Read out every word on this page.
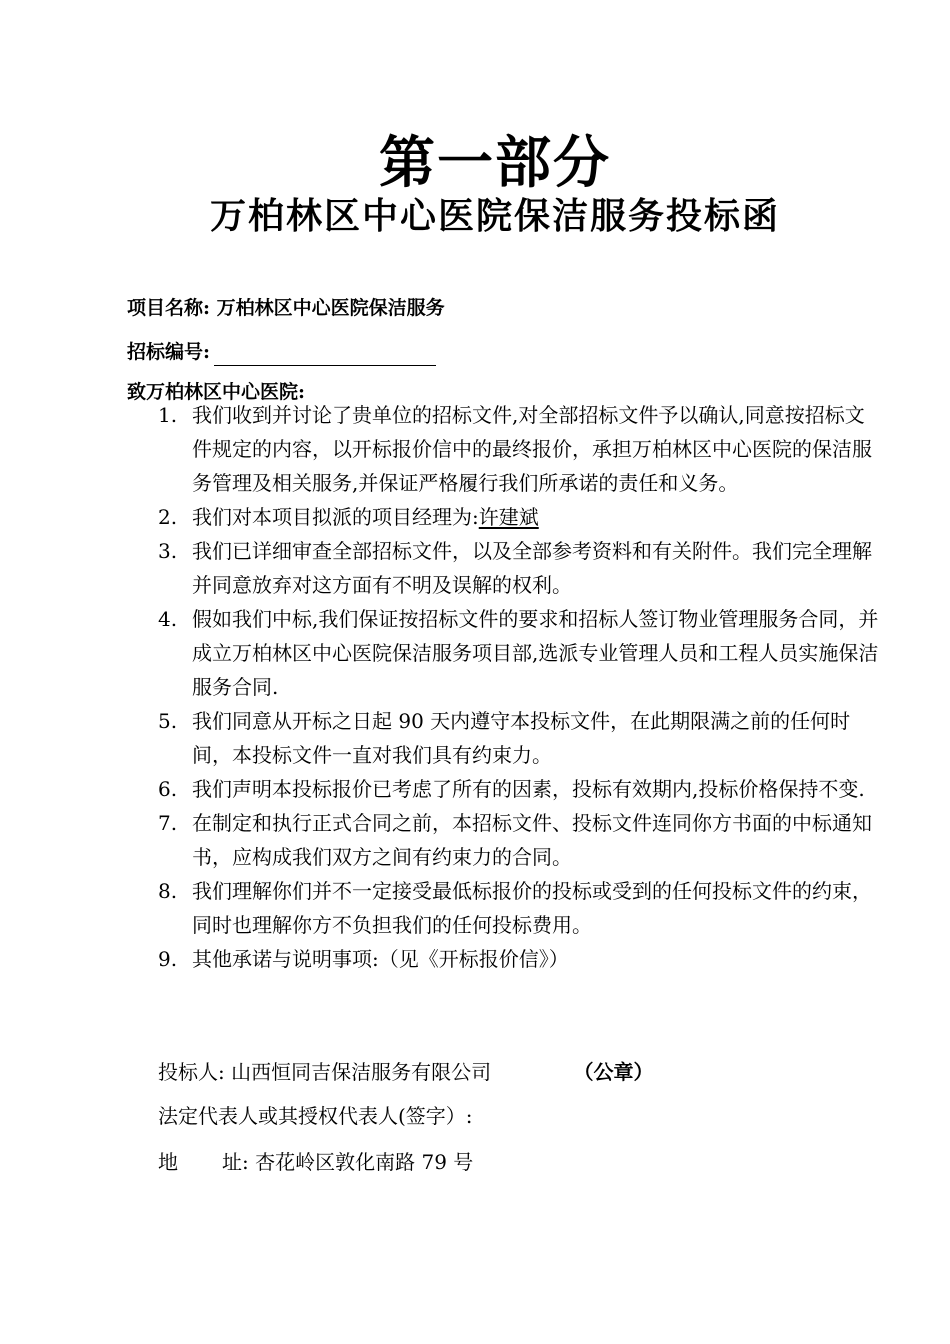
第一部分
万柏林区中心医院保洁服务投标函
项目名称: 万柏林区中心医院保洁服务
招标编号:
致万柏林区中心医院:
1. 我们收到并讨论了贵单位的招标文件,对全部招标文件予以确认,同意按招标文件规定的内容，以开标报价信中的最终报价，承担万柏林区中心医院的保洁服务管理及相关服务,并保证严格履行我们所承诺的责任和义务。
2. 我们对本项目拟派的项目经理为:许建斌
3. 我们已详细审查全部招标文件，以及全部参考资料和有关附件。我们完全理解并同意放弃对这方面有不明及误解的权利。
4. 假如我们中标,我们保证按招标文件的要求和招标人签订物业管理服务合同，并成立万柏林区中心医院保洁服务项目部,选派专业管理人员和工程人员实施保洁服务合同.
5. 我们同意从开标之日起 90 天内遵守本投标文件，在此期限满之前的任何时间，本投标文件一直对我们具有约束力。
6. 我们声明本投标报价已考虑了所有的因素，投标有效期内,投标价格保持不变.
7. 在制定和执行正式合同之前，本招标文件、投标文件连同你方书面的中标通知书，应构成我们双方之间有约束力的合同。
8. 我们理解你们并不一定接受最低标报价的投标或受到的任何投标文件的约束，同时也理解你方不负担我们的任何投标费用。
9. 其他承诺与说明事项:（见《开标报价信》）
投标人: 山西恒同吉保洁服务有限公司	（公章）
法定代表人或其授权代表人(签字）:
地 址: 杏花岭区敦化南路 79 号
